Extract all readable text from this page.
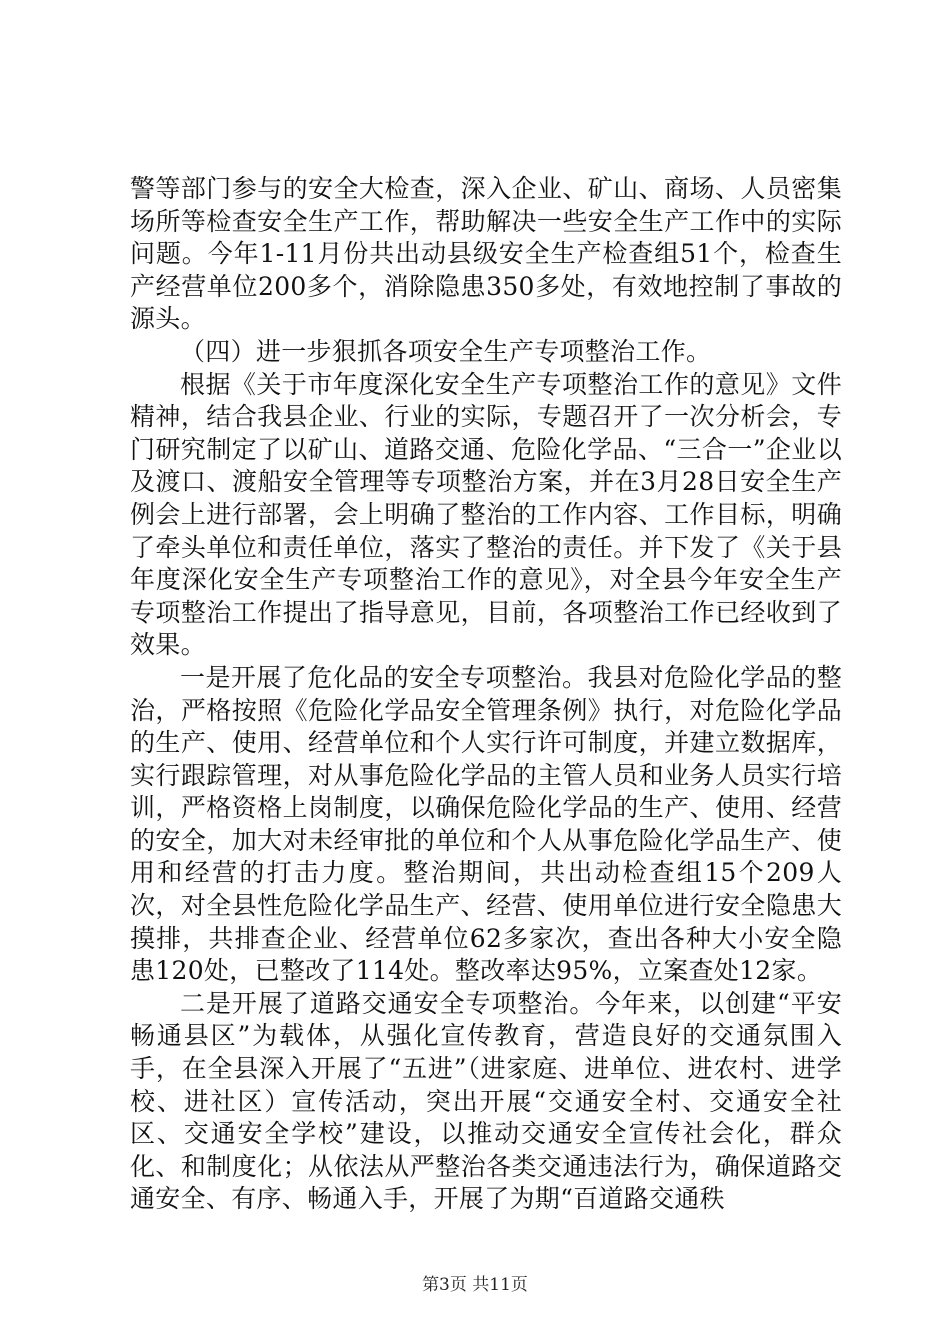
警等部门参与的安全大检查，深入企业、矿山、商场、人员密集场所等检查安全生产工作，帮助解决一些安全生产工作中的实际问题。今年1-11月份共出动县级安全生产检查组51个，检查生产经营单位200多个，消除隐患350多处，有效地控制了事故的源头。

（四）进一步狠抓各项安全生产专项整治工作。

根据《关于市年度深化安全生产专项整治工作的意见》文件精神，结合我县企业、行业的实际，专题召开了一次分析会，专门研究制定了以矿山、道路交通、危险化学品、“三合一”企业以及渡口、渡船安全管理等专项整治方案，并在3月28日安全生产例会上进行部署，会上明确了整治的工作内容、工作目标，明确了牵头单位和责任单位，落实了整治的责任。并下发了《关于县年度深化安全生产专项整治工作的意见》，对全县今年安全生产专项整治工作提出了指导意见，目前，各项整治工作已经收到了效果。

一是开展了危化品的安全专项整治。我县对危险化学品的整治，严格按照《危险化学品安全管理条例》执行，对危险化学品的生产、使用、经营单位和个人实行许可制度，并建立数据库，实行跟踪管理，对从事危险化学品的主管人员和业务人员实行培训，严格资格上岗制度，以确保危险化学品的生产、使用、经营的安全，加大对未经审批的单位和个人从事危险化学品生产、使用和经营的打击力度。整治期间，共出动检查组15个209人次，对全县性危险化学品生产、经营、使用单位进行安全隐患大摸排，共排查企业、经营单位62多家次，查出各种大小安全隐患120处，已整改了114处。整改率达95%，立案查处12家。

二是开展了道路交通安全专项整治。今年来，以创建“平安畅通县区”为载体，从强化宣传教育，营造良好的交通氛围入手，在全县深入开展了“五进”（进家庭、进单位、进农村、进学校、进社区）宣传活动，突出开展“交通安全村、交通安全社区、交通安全学校”建设，以推动交通安全宣传社会化，群众化、和制度化；从依法从严整治各类交通违法行为，确保道路交通安全、有序、畅通入手，开展了为期“百道路交通秩

第3页 共11页
